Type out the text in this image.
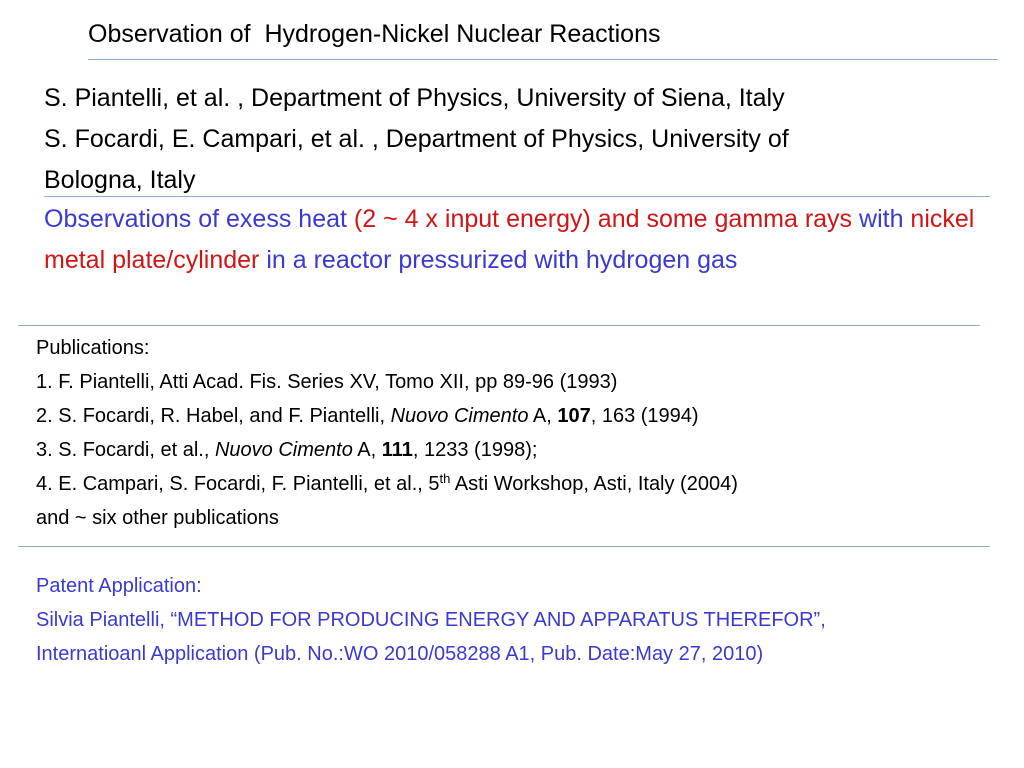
Observation of  Hydrogen-Nickel Nuclear Reactions
S. Piantelli, et al. , Department of Physics, University of Siena, Italy
S. Focardi, E. Campari, et al. , Department of Physics, University of
Bologna, Italy
Observations of exess heat (2 ~ 4 x input energy) and some gamma rays with nickel metal plate/cylinder in a reactor pressurized with hydrogen gas
Publications:
1. F. Piantelli, Atti Acad. Fis. Series XV, Tomo XII, pp 89-96 (1993)
2. S. Focardi, R. Habel, and F. Piantelli, Nuovo Cimento A, 107, 163 (1994)
3. S. Focardi, et al., Nuovo Cimento A, 111, 1233 (1998);
4. E. Campari, S. Focardi, F. Piantelli, et al., 5th Asti Workshop, Asti, Italy (2004)
and ~ six other publications
Patent Application:
Silvia Piantelli, “METHOD FOR PRODUCING ENERGY AND APPARATUS THEREFOR”,
Internatioanl Application (Pub. No.:WO 2010/058288 A1, Pub. Date:May 27, 2010)
